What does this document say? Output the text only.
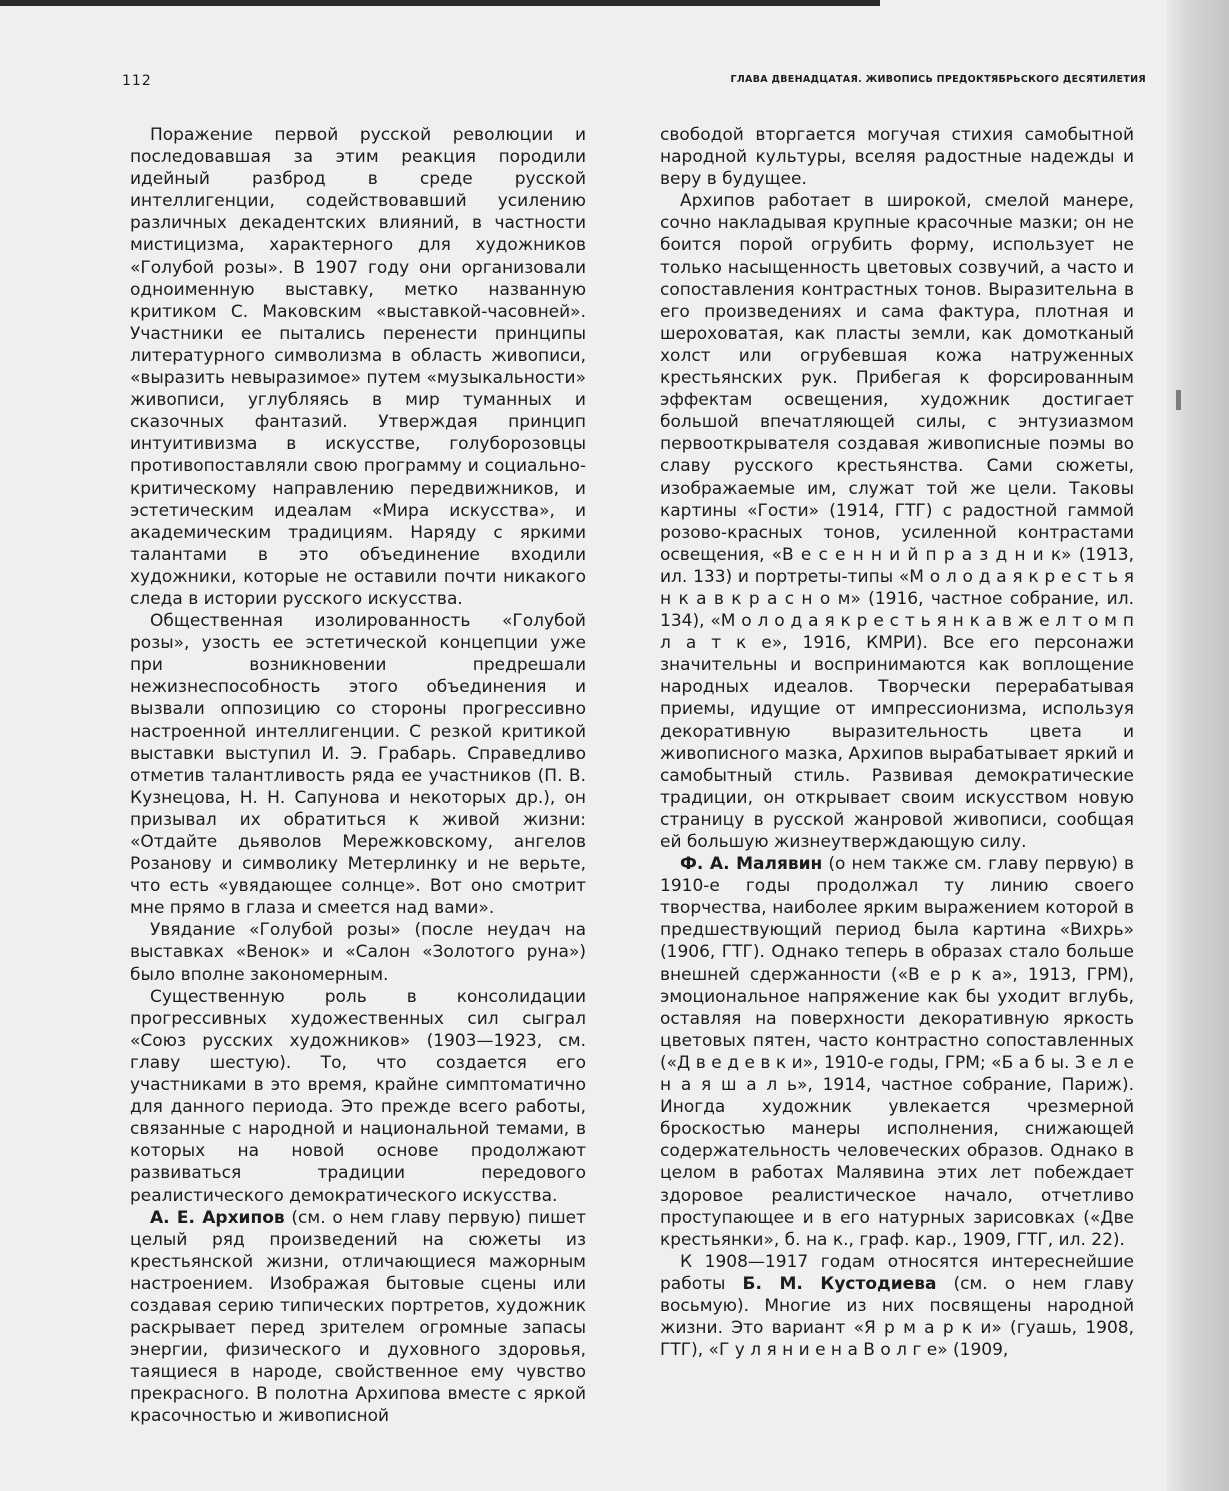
112	ГЛАВА ДВЕНАДЦАТАЯ. ЖИВОПИСЬ ПРЕДОКТЯБРЬСКОГО ДЕСЯТИЛЕТИЯ

Поражение первой русской революции и последовавшая за этим реакция породили идейный разброд в среде русской интеллигенции, содействовавший усилению различных декадентских влияний, в частности мистицизма, характерного для художников «Голубой розы». В 1907 году они организовали одноименную выставку, метко названную критиком С. Маковским «выставкой-часовней». Участники ее пытались перенести принципы литературного символизма в область живописи, «выразить невыразимое» путем «музыкальности» живописи, углубляясь в мир туманных и сказочных фантазий. Утверждая принцип интуитивизма в искусстве, голуборозовцы противопоставляли свою программу и социально-критическому направлению передвижников, и эстетическим идеалам «Мира искусства», и академическим традициям. Наряду с яркими талантами в это объединение входили художники, которые не оставили почти никакого следа в истории русского искусства.

Общественная изолированность «Голубой розы», узость ее эстетической концепции уже при возникновении предрешали нежизнеспособность этого объединения и вызвали оппозицию со стороны прогрессивно настроенной интеллигенции. С резкой критикой выставки выступил И. Э. Грабарь. Справедливо отметив талантливость ряда ее участников (П. В. Кузнецова, Н. Н. Сапунова и некоторых др.), он призывал их обратиться к живой жизни: «Отдайте дьяволов Мережковскому, ангелов Розанову и символику Метерлинку и не верьте, что есть «увядающее солнце». Вот оно смотрит мне прямо в глаза и смеется над вами».

Увядание «Голубой розы» (после неудач на выставках «Венок» и «Салон «Золотого руна») было вполне закономерным.

Существенную роль в консолидации прогрессивных художественных сил сыграл «Союз русских художников» (1903—1923, см. главу шестую). То, что создается его участниками в это время, крайне симптоматично для данного периода. Это прежде всего работы, связанные с народной и национальной темами, в которых на новой основе продолжают развиваться традиции передового реалистического демократического искусства.

А. Е. Архипов (см. о нем главу первую) пишет целый ряд произведений на сюжеты из крестьянской жизни, отличающиеся мажорным настроением. Изображая бытовые сцены или создавая серию типических портретов, художник раскрывает перед зрителем огромные запасы энергии, физического и духовного здоровья, таящиеся в народе, свойственное ему чувство прекрасного. В полотна Архипова вместе с яркой красочностью и живописной

свободой вторгается могучая стихия самобытной народной культуры, вселяя радостные надежды и веру в будущее.

Архипов работает в широкой, смелой манере, сочно накладывая крупные красочные мазки; он не боится порой огрубить форму, использует не только насыщенность цветовых созвучий, а часто и сопоставления контрастных тонов. Выразительна в его произведениях и сама фактура, плотная и шероховатая, как пласты земли, как домотканый холст или огрубевшая кожа натруженных крестьянских рук. Прибегая к форсированным эффектам освещения, художник достигает большой впечатляющей силы, с энтузиазмом первооткрывателя создавая живописные поэмы во славу русского крестьянства. Сами сюжеты, изображаемые им, служат той же цели. Таковы картины «Гости» (1914, ГТГ) с радостной гаммой розово-красных тонов, усиленной контрастами освещения, «В е с е н н и й п р а з д н и к» (1913, ил. 133) и портреты-типы «М о л о д а я к р е с т ь я н к а в к р а с н о м» (1916, частное собрание, ил. 134), «М о л о д а я к р е с т ь я н к а в ж е л т о м п л а т к е», 1916, КМРИ). Все его персонажи значительны и воспринимаются как воплощение народных идеалов. Творчески перерабатывая приемы, идущие от импрессионизма, используя декоративную выразительность цвета и живописного мазка, Архипов вырабатывает яркий и самобытный стиль. Развивая демократические традиции, он открывает своим искусством новую страницу в русской жанровой живописи, сообщая ей большую жизнеутверждающую силу.

Ф. А. Малявин (о нем также см. главу первую) в 1910-е годы продолжал ту линию своего творчества, наиболее ярким выражением которой в предшествующий период была картина «Вихрь» (1906, ГТГ). Однако теперь в образах стало больше внешней сдержанности («В е р к а», 1913, ГРМ), эмоциональное напряжение как бы уходит вглубь, оставляя на поверхности декоративную яркость цветовых пятен, часто контрастно сопоставленных («Д в е д е в к и», 1910-е годы, ГРМ; «Б а б ы. З е л е н а я ш а л ь», 1914, частное собрание, Париж). Иногда художник увлекается чрезмерной броскостью манеры исполнения, снижающей содержательность человеческих образов. Однако в целом в работах Малявина этих лет побеждает здоровое реалистическое начало, отчетливо проступающее и в его натурных зарисовках («Две крестьянки», б. на к., граф. кар., 1909, ГТГ, ил. 22).

К 1908—1917 годам относятся интереснейшие работы Б. М. Кустодиева (см. о нем главу восьмую). Многие из них посвящены народной жизни. Это вариант «Я р м а р к и» (гуашь, 1908, ГТГ), «Г у л я н и е н а В о л г е» (1909,
